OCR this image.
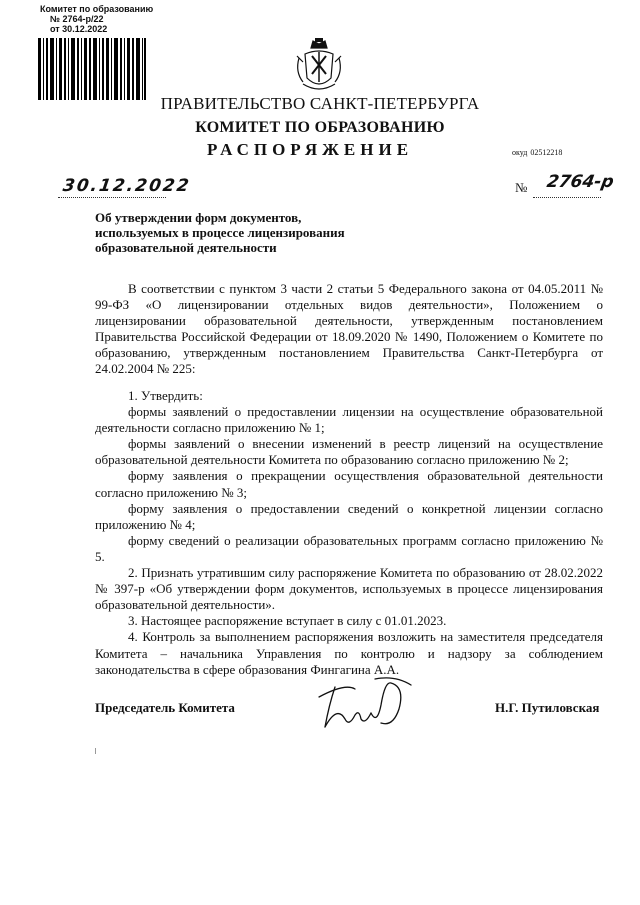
Комитет по образованию
№ 2764-р/22
от 30.12.2022
ПРАВИТЕЛЬСТВО САНКТ-ПЕТЕРБУРГА
КОМИТЕТ ПО ОБРАЗОВАНИЮ
РАСПОРЯЖЕНИЕ	окуд 02512218
30.12.2022	№ 2764-р
Об утверждении форм документов,
используемых в процессе лицензирования
образовательной деятельности

В соответствии с пунктом 3 части 2 статьи 5 Федерального закона от 04.05.2011 № 99-ФЗ «О лицензировании отдельных видов деятельности», Положением о лицензировании образовательной деятельности, утвержденным постановлением Правительства Российской Федерации от 18.09.2020 № 1490, Положением о Комитете по образованию, утвержденным постановлением Правительства Санкт-Петербурга от 24.02.2004 № 225:

1. Утвердить:

формы заявлений о предоставлении лицензии на осуществление образовательной деятельности согласно приложению № 1;

формы заявлений о внесении изменений в реестр лицензий на осуществление образовательной деятельности Комитета по образованию согласно приложению № 2;

форму заявления о прекращении осуществления образовательной деятельности согласно приложению № 3;

форму заявления о предоставлении сведений о конкретной лицензии согласно приложению № 4;

форму сведений о реализации образовательных программ согласно приложению № 5.

2. Признать утратившим силу распоряжение Комитета по образованию от 28.02.2022 № 397-р «Об утверждении форм документов, используемых в процессе лицензирования образовательной деятельности».

3. Настоящее распоряжение вступает в силу с 01.01.2023.

4. Контроль за выполнением распоряжения возложить на заместителя председателя Комитета – начальника Управления по контролю и надзору за соблюдением законодательства в сфере образования Фингагина А.А.

Председатель Комитета	Н.Г. Путиловская
